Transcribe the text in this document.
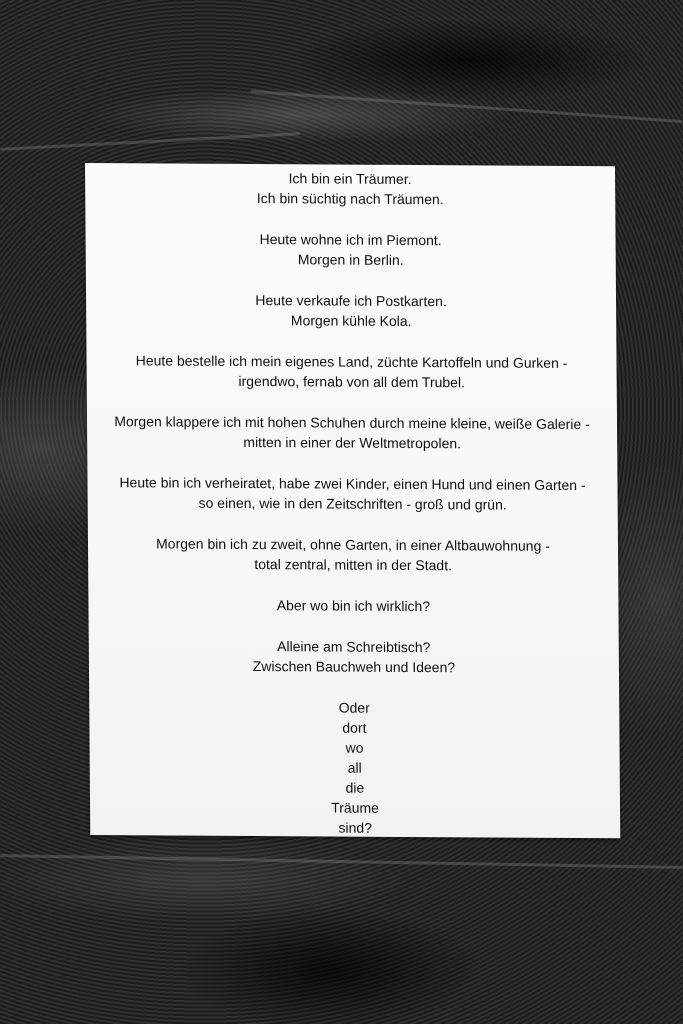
Ich bin ein Träumer.
Ich bin süchtig nach Träumen.
Heute wohne ich im Piemont.
Morgen in Berlin.
Heute verkaufe ich Postkarten.
Morgen kühle Kola.
Heute bestelle ich mein eigenes Land, züchte Kartoffeln und Gurken -
irgendwo, fernab von all dem Trubel.
Morgen klappere ich mit hohen Schuhen durch meine kleine, weiße Galerie -
mitten in einer der Weltmetropolen.
Heute bin ich verheiratet, habe zwei Kinder, einen Hund und einen Garten -
so einen, wie in den Zeitschriften - groß und grün.
Morgen bin ich zu zweit, ohne Garten, in einer Altbauwohnung -
total zentral, mitten in der Stadt.
Aber wo bin ich wirklich?
Alleine am Schreibtisch?
Zwischen Bauchweh und Ideen?
Oder
dort
wo
all
die
Träume
sind?
